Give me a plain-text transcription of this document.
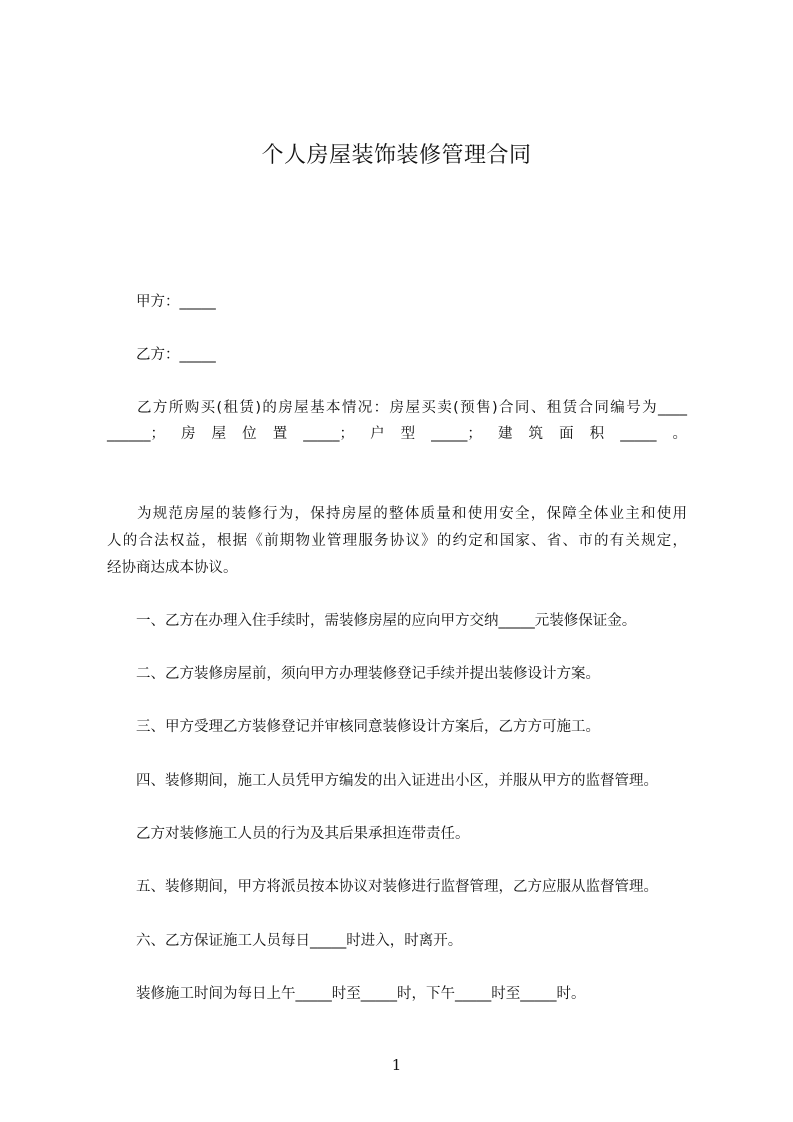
个人房屋装饰装修管理合同
甲方：_____
乙方：_____
乙方所购买(租赁)的房屋基本情况：房屋买卖(预售)合同、租赁合同编号为____
______；房屋位置_____；户型_____；建筑面积_____。
为规范房屋的装修行为，保持房屋的整体质量和使用安全，保障全体业主和使用
人的合法权益，根据《前期物业管理服务协议》的约定和国家、省、市的有关规定，
经协商达成本协议。
一、乙方在办理入住手续时，需装修房屋的应向甲方交纳_____元装修保证金。
二、乙方装修房屋前，须向甲方办理装修登记手续并提出装修设计方案。
三、甲方受理乙方装修登记并审核同意装修设计方案后，乙方方可施工。
四、装修期间，施工人员凭甲方编发的出入证进出小区，并服从甲方的监督管理。
乙方对装修施工人员的行为及其后果承担连带责任。
五、装修期间，甲方将派员按本协议对装修进行监督管理，乙方应服从监督管理。
六、乙方保证施工人员每日_____时进入，时离开。
装修施工时间为每日上午_____时至_____时，下午_____时至_____时。
1
